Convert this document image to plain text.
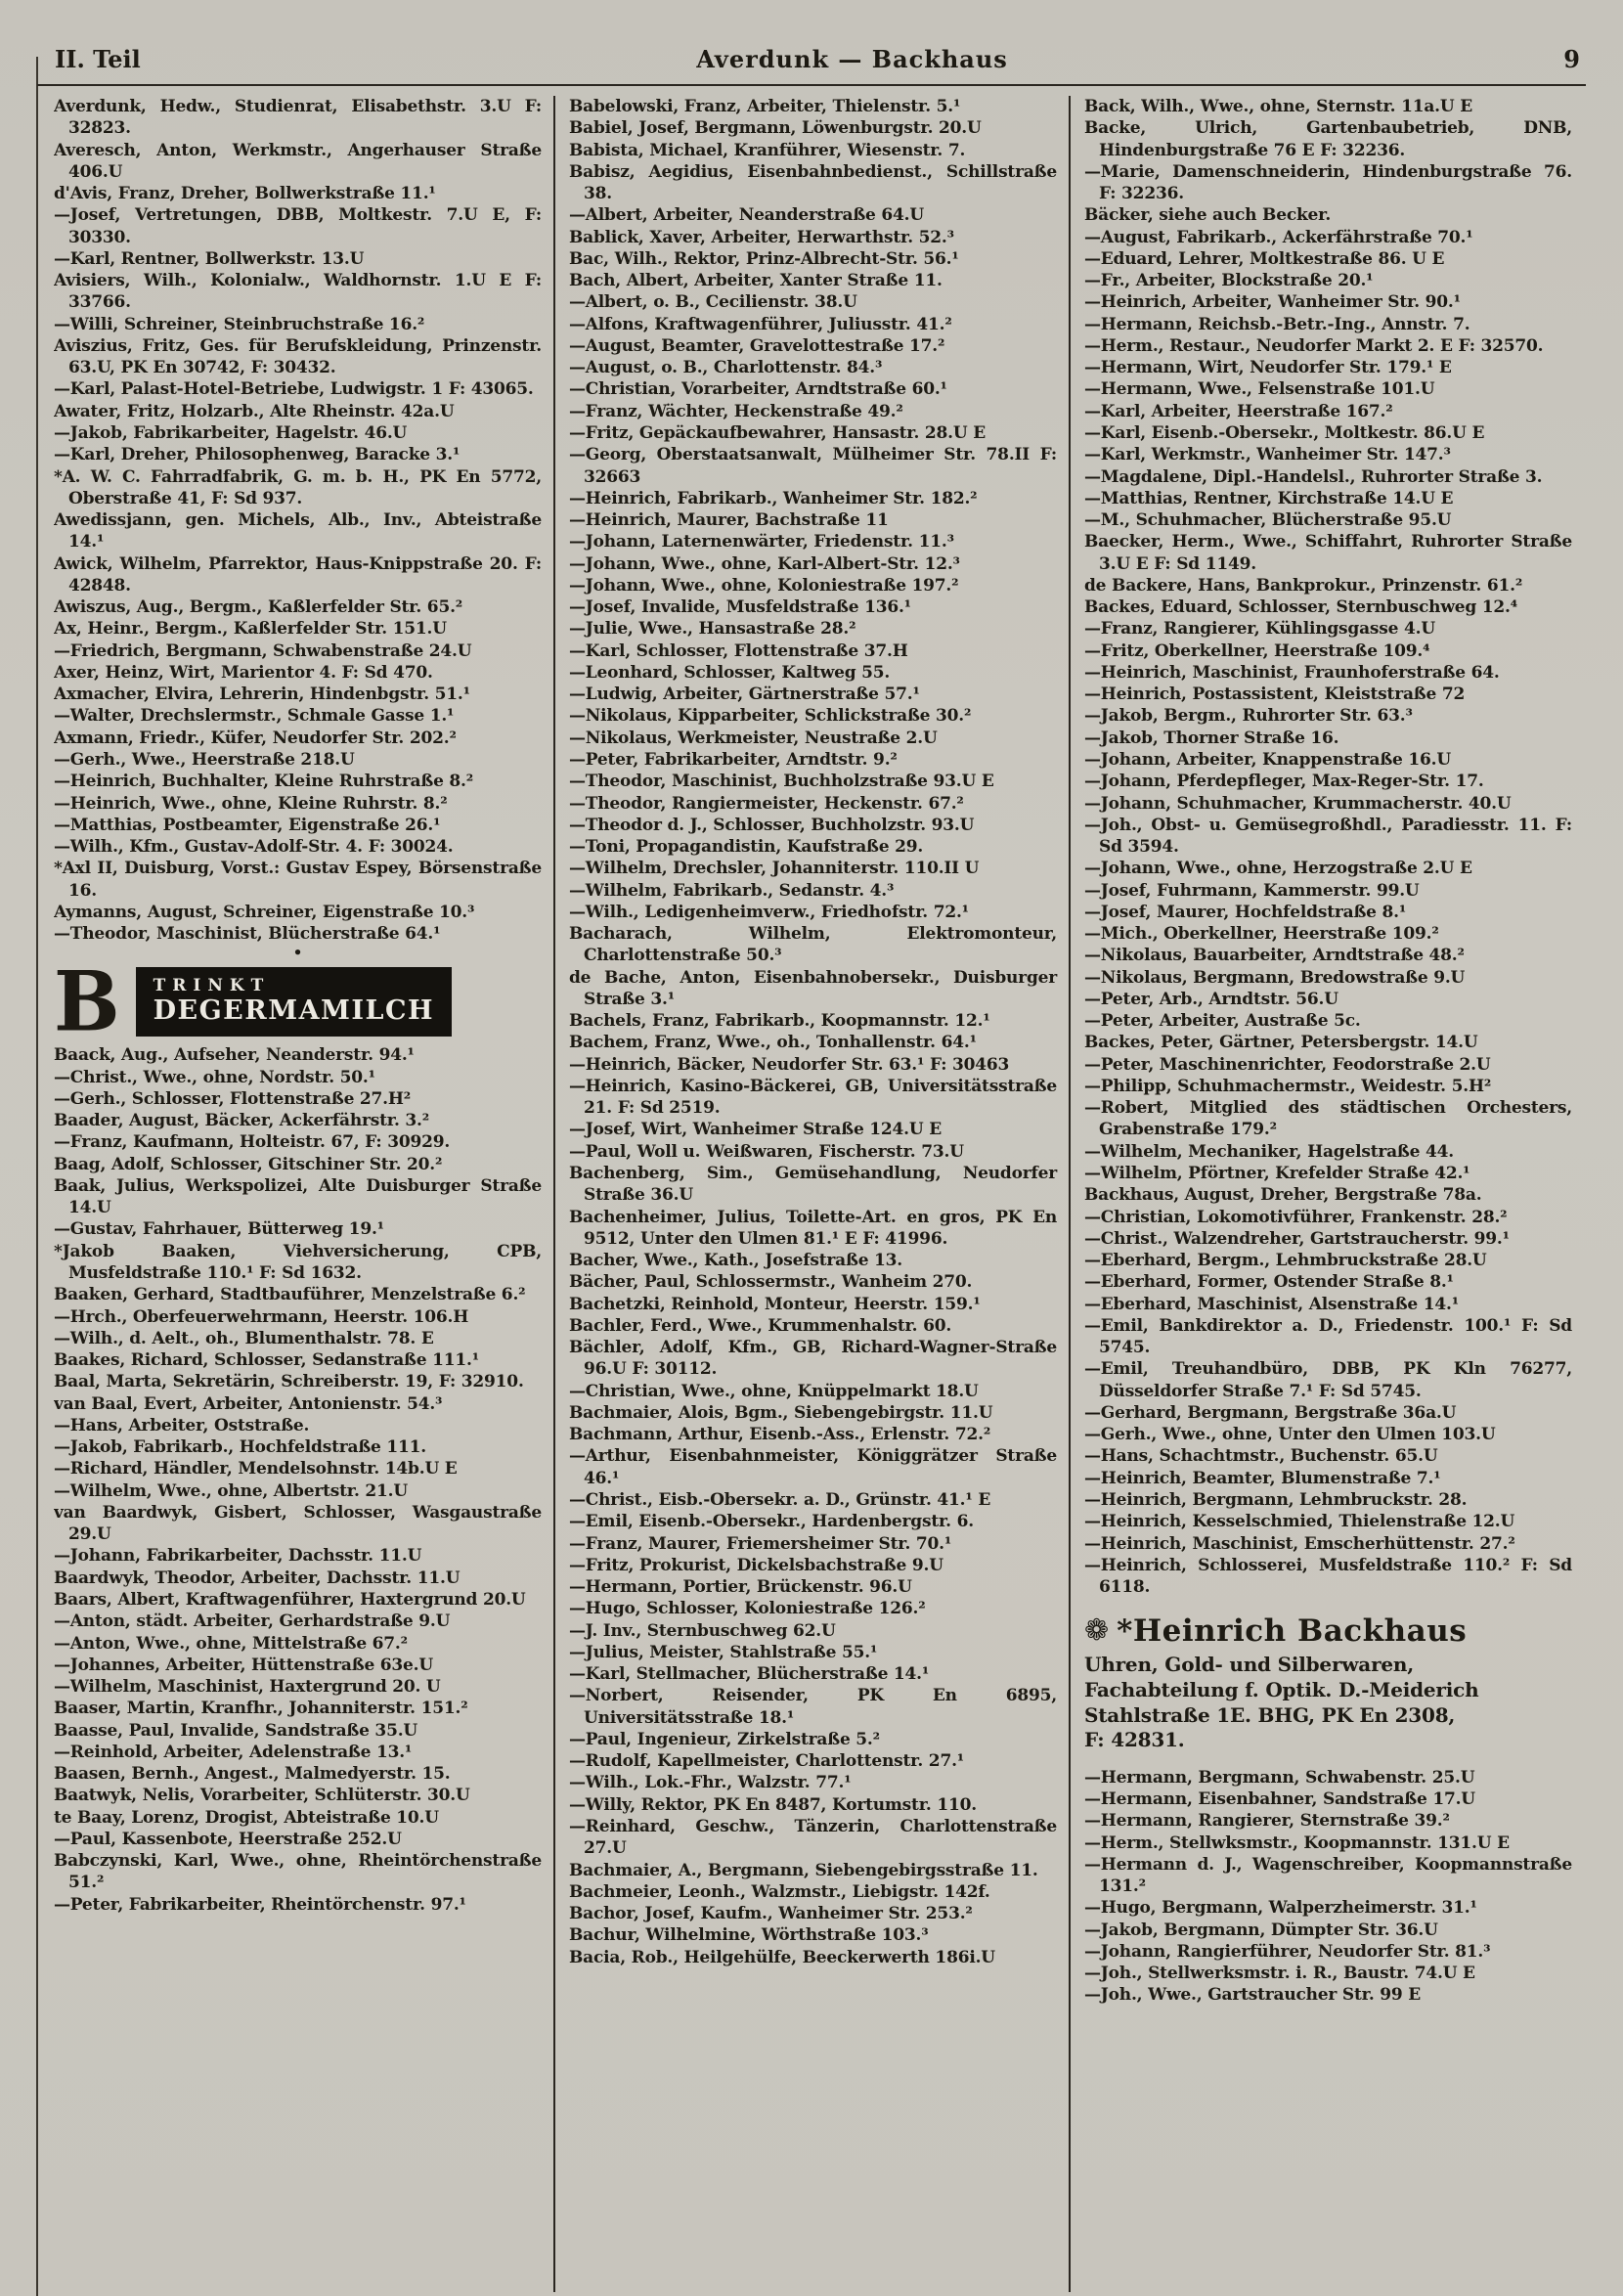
II. Teil	Averdunk — Backhaus	9
Averdunk, Hedw., Studienrat, Elisabethstr. 3.U F: 32823.
Averesch, Anton, Werkmstr., Angerhauser Straße 406.U
d'Avis, Franz, Dreher, Bollwerkstraße 11.¹
—Josef, Vertretungen, DBB, Moltkestr. 7.U E, F: 30330.
—Karl, Rentner, Bollwerkstr. 13.U
Avisiers, Wilh., Kolonialw., Waldhornstr. 1.U E F: 33766.
—Willi, Schreiner, Steinbruchstraße 16.²
Aviszius, Fritz, Ges. für Berufskleidung, Prinzenstr. 63.U, PK En 30742, F: 30432.
—Karl, Palast-Hotel-Betriebe, Ludwigstr. 1 F: 43065.
Awater, Fritz, Holzarb., Alte Rheinstr. 42a.U
—Jakob, Fabrikarbeiter, Hagelstr. 46.U
—Karl, Dreher, Philosophenweg, Baracke 3.¹
*A. W. C. Fahrradfabrik, G. m. b. H., PK En 5772, Oberstraße 41, F: Sd 937.
Awedissjann, gen. Michels, Alb., Inv., Abteistraße 14.¹
Awick, Wilhelm, Pfarrektor, Haus-Knippstraße 20. F: 42848.
Awiszus, Aug., Bergm., Kaßlerfelder Str. 65.²
Ax, Heinr., Bergm., Kaßlerfelder Str. 151.U
—Friedrich, Bergmann, Schwabenstraße 24.U
Axer, Heinz, Wirt, Marientor 4. F: Sd 470.
Axmacher, Elvira, Lehrerin, Hindenbgstr. 51.¹
—Walter, Drechslermstr., Schmale Gasse 1.¹
Axmann, Friedr., Küfer, Neudorfer Str. 202.²
—Gerh., Wwe., Heerstraße 218.U
—Heinrich, Buchhalter, Kleine Ruhrstraße 8.²
—Heinrich, Wwe., ohne, Kleine Ruhrstr. 8.²
—Matthias, Postbeamter, Eigenstraße 26.¹
—Wilh., Kfm., Gustav-Adolf-Str. 4. F: 30024.
*Axl II, Duisburg, Vorst.: Gustav Espey, Börsenstraße 16.
Aymanns, August, Schreiner, Eigenstraße 10.³
—Theodor, Maschinist, Blücherstraße 64.¹
•
B TRINKT
DEGERMAMILCH
Baack, Aug., Aufseher, Neanderstr. 94.¹
—Christ., Wwe., ohne, Nordstr. 50.¹
—Gerh., Schlosser, Flottenstraße 27.H²
Baader, August, Bäcker, Ackerfährstr. 3.²
—Franz, Kaufmann, Holteistr. 67, F: 30929.
Baag, Adolf, Schlosser, Gitschiner Str. 20.²
Baak, Julius, Werkspolizei, Alte Duisburger Straße 14.U
—Gustav, Fahrhauer, Bütterweg 19.¹
*Jakob Baaken, Viehversicherung, CPB, Musfeldstraße 110.¹ F: Sd 1632.
Baaken, Gerhard, Stadtbauführer, Menzelstraße 6.²
—Hrch., Oberfeuerwehrmann, Heerstr. 106.H
—Wilh., d. Aelt., oh., Blumenthalstr. 78. E
Baakes, Richard, Schlosser, Sedanstraße 111.¹
Baal, Marta, Sekretärin, Schreiberstr. 19, F: 32910.
van Baal, Evert, Arbeiter, Antonienstr. 54.³
—Hans, Arbeiter, Oststraße.
—Jakob, Fabrikarb., Hochfeldstraße 111.
—Richard, Händler, Mendelsohnstr. 14b.U E
—Wilhelm, Wwe., ohne, Albertstr. 21.U
van Baardwyk, Gisbert, Schlosser, Wasgaustraße 29.U
—Johann, Fabrikarbeiter, Dachsstr. 11.U
Baardwyk, Theodor, Arbeiter, Dachsstr. 11.U
Baars, Albert, Kraftwagenführer, Haxtergrund 20.U
—Anton, städt. Arbeiter, Gerhardstraße 9.U
—Anton, Wwe., ohne, Mittelstraße 67.²
—Johannes, Arbeiter, Hüttenstraße 63e.U
—Wilhelm, Maschinist, Haxtergrund 20. U
Baaser, Martin, Kranfhr., Johanniterstr. 151.²
Baasse, Paul, Invalide, Sandstraße 35.U
—Reinhold, Arbeiter, Adelenstraße 13.¹
Baasen, Bernh., Angest., Malmedyerstr. 15.
Baatwyk, Nelis, Vorarbeiter, Schlüterstr. 30.U
te Baay, Lorenz, Drogist, Abteistraße 10.U
—Paul, Kassenbote, Heerstraße 252.U
Babczynski, Karl, Wwe., ohne, Rheintörchenstraße 51.²
—Peter, Fabrikarbeiter, Rheintörchenstr. 97.¹
Babelowski, Franz, Arbeiter, Thielenstr. 5.¹
Babiel, Josef, Bergmann, Löwenburgstr. 20.U
Babista, Michael, Kranführer, Wiesenstr. 7.
Babisz, Aegidius, Eisenbahnbedienst., Schillstraße 38.
—Albert, Arbeiter, Neanderstraße 64.U
Bablick, Xaver, Arbeiter, Herwarthstr. 52.³
Bac, Wilh., Rektor, Prinz-Albrecht-Str. 56.¹
Bach, Albert, Arbeiter, Xanter Straße 11.
—Albert, o. B., Cecilienstr. 38.U
—Alfons, Kraftwagenführer, Juliusstr. 41.²
—August, Beamter, Gravelottestraße 17.²
—August, o. B., Charlottenstr. 84.³
—Christian, Vorarbeiter, Arndtstraße 60.¹
—Franz, Wächter, Heckenstraße 49.²
—Fritz, Gepäckaufbewahrer, Hansastr. 28.U E
—Georg, Oberstaatsanwalt, Mülheimer Str. 78.II F: 32663
—Heinrich, Fabrikarb., Wanheimer Str. 182.²
—Heinrich, Maurer, Bachstraße 11
—Johann, Laternenwärter, Friedenstr. 11.³
—Johann, Wwe., ohne, Karl-Albert-Str. 12.³
—Johann, Wwe., ohne, Koloniestraße 197.²
—Josef, Invalide, Musfeldstraße 136.¹
—Julie, Wwe., Hansastraße 28.²
—Karl, Schlosser, Flottenstraße 37.H
—Leonhard, Schlosser, Kaltweg 55.
—Ludwig, Arbeiter, Gärtnerstraße 57.¹
—Nikolaus, Kipparbeiter, Schlickstraße 30.²
—Nikolaus, Werkmeister, Neustraße 2.U
—Peter, Fabrikarbeiter, Arndtstr. 9.²
—Theodor, Maschinist, Buchholzstraße 93.U E
—Theodor, Rangiermeister, Heckenstr. 67.²
—Theodor d. J., Schlosser, Buchholzstr. 93.U
—Toni, Propagandistin, Kaufstraße 29.
—Wilhelm, Drechsler, Johanniterstr. 110.II U
—Wilhelm, Fabrikarb., Sedanstr. 4.³
—Wilh., Ledigenheimverw., Friedhofstr. 72.¹
Bacharach, Wilhelm, Elektromonteur, Charlottenstraße 50.³
de Bache, Anton, Eisenbahnobersekr., Duisburger Straße 3.¹
Bachels, Franz, Fabrikarb., Koopmannstr. 12.¹
Bachem, Franz, Wwe., oh., Tonhallenstr. 64.¹
—Heinrich, Bäcker, Neudorfer Str. 63.¹ F: 30463
—Heinrich, Kasino-Bäckerei, GB, Universitätsstraße 21. F: Sd 2519.
—Josef, Wirt, Wanheimer Straße 124.U E
—Paul, Woll u. Weißwaren, Fischerstr. 73.U
Bachenberg, Sim., Gemüsehandlung, Neudorfer Straße 36.U
Bachenheimer, Julius, Toilette-Art. en gros, PK En 9512, Unter den Ulmen 81.¹ E F: 41996.
Bacher, Wwe., Kath., Josefstraße 13.
Bächer, Paul, Schlossermstr., Wanheim 270.
Bachetzki, Reinhold, Monteur, Heerstr. 159.¹
Bachler, Ferd., Wwe., Krummenhalstr. 60.
Bächler, Adolf, Kfm., GB, Richard-Wagner-Straße 96.U F: 30112.
—Christian, Wwe., ohne, Knüppelmarkt 18.U
Bachmaier, Alois, Bgm., Siebengebirgstr. 11.U
Bachmann, Arthur, Eisenb.-Ass., Erlenstr. 72.²
—Arthur, Eisenbahnmeister, Königgrätzer Straße 46.¹
—Christ., Eisb.-Obersekr. a. D., Grünstr. 41.¹ E
—Emil, Eisenb.-Obersekr., Hardenbergstr. 6.
—Franz, Maurer, Friemersheimer Str. 70.¹
—Fritz, Prokurist, Dickelsbachstraße 9.U
—Hermann, Portier, Brückenstr. 96.U
—Hugo, Schlosser, Koloniestraße 126.²
—J. Inv., Sternbuschweg 62.U
—Julius, Meister, Stahlstraße 55.¹
—Karl, Stellmacher, Blücherstraße 14.¹
—Norbert, Reisender, PK En 6895, Universitätsstraße 18.¹
—Paul, Ingenieur, Zirkelstraße 5.²
—Rudolf, Kapellmeister, Charlottenstr. 27.¹
—Wilh., Lok.-Fhr., Walzstr. 77.¹
—Willy, Rektor, PK En 8487, Kortumstr. 110.
—Reinhard, Geschw., Tänzerin, Charlottenstraße 27.U
Bachmaier, A., Bergmann, Siebengebirgsstraße 11.
Bachmeier, Leonh., Walzmstr., Liebigstr. 142f.
Bachor, Josef, Kaufm., Wanheimer Str. 253.²
Bachur, Wilhelmine, Wörthstraße 103.³
Bacia, Rob., Heilgehülfe, Beeckerwerth 186i.U
Back, Wilh., Wwe., ohne, Sternstr. 11a.U E
Backe, Ulrich, Gartenbaubetrieb, DNB, Hindenburgstraße 76 E F: 32236.
—Marie, Damenschneiderin, Hindenburgstraße 76. F: 32236.
Bäcker, siehe auch Becker.
—August, Fabrikarb., Ackerfährstraße 70.¹
—Eduard, Lehrer, Moltkestraße 86. U E
—Fr., Arbeiter, Blockstraße 20.¹
—Heinrich, Arbeiter, Wanheimer Str. 90.¹
—Hermann, Reichsb.-Betr.-Ing., Annstr. 7.
—Herm., Restaur., Neudorfer Markt 2. E F: 32570.
—Hermann, Wirt, Neudorfer Str. 179.¹ E
—Hermann, Wwe., Felsenstraße 101.U
—Karl, Arbeiter, Heerstraße 167.²
—Karl, Eisenb.-Obersekr., Moltkestr. 86.U E
—Karl, Werkmstr., Wanheimer Str. 147.³
—Magdalene, Dipl.-Handelsl., Ruhrorter Straße 3.
—Matthias, Rentner, Kirchstraße 14.U E
—M., Schuhmacher, Blücherstraße 95.U
Baecker, Herm., Wwe., Schiffahrt, Ruhrorter Straße 3.U E F: Sd 1149.
de Backere, Hans, Bankprokur., Prinzenstr. 61.²
Backes, Eduard, Schlosser, Sternbuschweg 12.⁴
—Franz, Rangierer, Kühlingsgasse 4.U
—Fritz, Oberkellner, Heerstraße 109.⁴
—Heinrich, Maschinist, Fraunhoferstraße 64.
—Heinrich, Postassistent, Kleiststraße 72
—Jakob, Bergm., Ruhrorter Str. 63.³
—Jakob, Thorner Straße 16.
—Johann, Arbeiter, Knappenstraße 16.U
—Johann, Pferdepfleger, Max-Reger-Str. 17.
—Johann, Schuhmacher, Krummacherstr. 40.U
—Joh., Obst- u. Gemüsegroßhdl., Paradiesstr. 11. F: Sd 3594.
—Johann, Wwe., ohne, Herzogstraße 2.U E
—Josef, Fuhrmann, Kammerstr. 99.U
—Josef, Maurer, Hochfeldstraße 8.¹
—Mich., Oberkellner, Heerstraße 109.²
—Nikolaus, Bauarbeiter, Arndtstraße 48.²
—Nikolaus, Bergmann, Bredowstraße 9.U
—Peter, Arb., Arndtstr. 56.U
—Peter, Arbeiter, Austraße 5c.
Backes, Peter, Gärtner, Petersbergstr. 14.U
—Peter, Maschinenrichter, Feodorstraße 2.U
—Philipp, Schuhmachermstr., Weidestr. 5.H²
—Robert, Mitglied des städtischen Orchesters, Grabenstraße 179.²
—Wilhelm, Mechaniker, Hagelstraße 44.
—Wilhelm, Pförtner, Krefelder Straße 42.¹
Backhaus, August, Dreher, Bergstraße 78a.
—Christian, Lokomotivführer, Frankenstr. 28.²
—Christ., Walzendreher, Gartstraucherstr. 99.¹
—Eberhard, Bergm., Lehmbruckstraße 28.U
—Eberhard, Former, Ostender Straße 8.¹
—Eberhard, Maschinist, Alsenstraße 14.¹
—Emil, Bankdirektor a. D., Friedenstr. 100.¹ F: Sd 5745.
—Emil, Treuhandbüro, DBB, PK Kln 76277, Düsseldorfer Straße 7.¹ F: Sd 5745.
—Gerhard, Bergmann, Bergstraße 36a.U
—Gerh., Wwe., ohne, Unter den Ulmen 103.U
—Hans, Schachtmstr., Buchenstr. 65.U
—Heinrich, Beamter, Blumenstraße 7.¹
—Heinrich, Bergmann, Lehmbruckstr. 28.
—Heinrich, Kesselschmied, Thielenstraße 12.U
—Heinrich, Maschinist, Emscherhüttenstr. 27.²
—Heinrich, Schlosserei, Musfeldstraße 110.² F: Sd 6118.
❁ *Heinrich Backhaus
Uhren, Gold- und Silberwaren,
Fachabteilung f. Optik. D.-Meiderich
Stahlstraße 1E. BHG, PK En 2308,
F: 42831.
—Hermann, Bergmann, Schwabenstr. 25.U
—Hermann, Eisenbahner, Sandstraße 17.U
—Hermann, Rangierer, Sternstraße 39.²
—Herm., Stellwksmstr., Koopmannstr. 131.U E
—Hermann d. J., Wagenschreiber, Koopmannstraße 131.²
—Hugo, Bergmann, Walperzheimerstr. 31.¹
—Jakob, Bergmann, Dümpter Str. 36.U
—Johann, Rangierführer, Neudorfer Str. 81.³
—Joh., Stellwerksmstr. i. R., Baustr. 74.U E
—Joh., Wwe., Gartstraucher Str. 99 E
